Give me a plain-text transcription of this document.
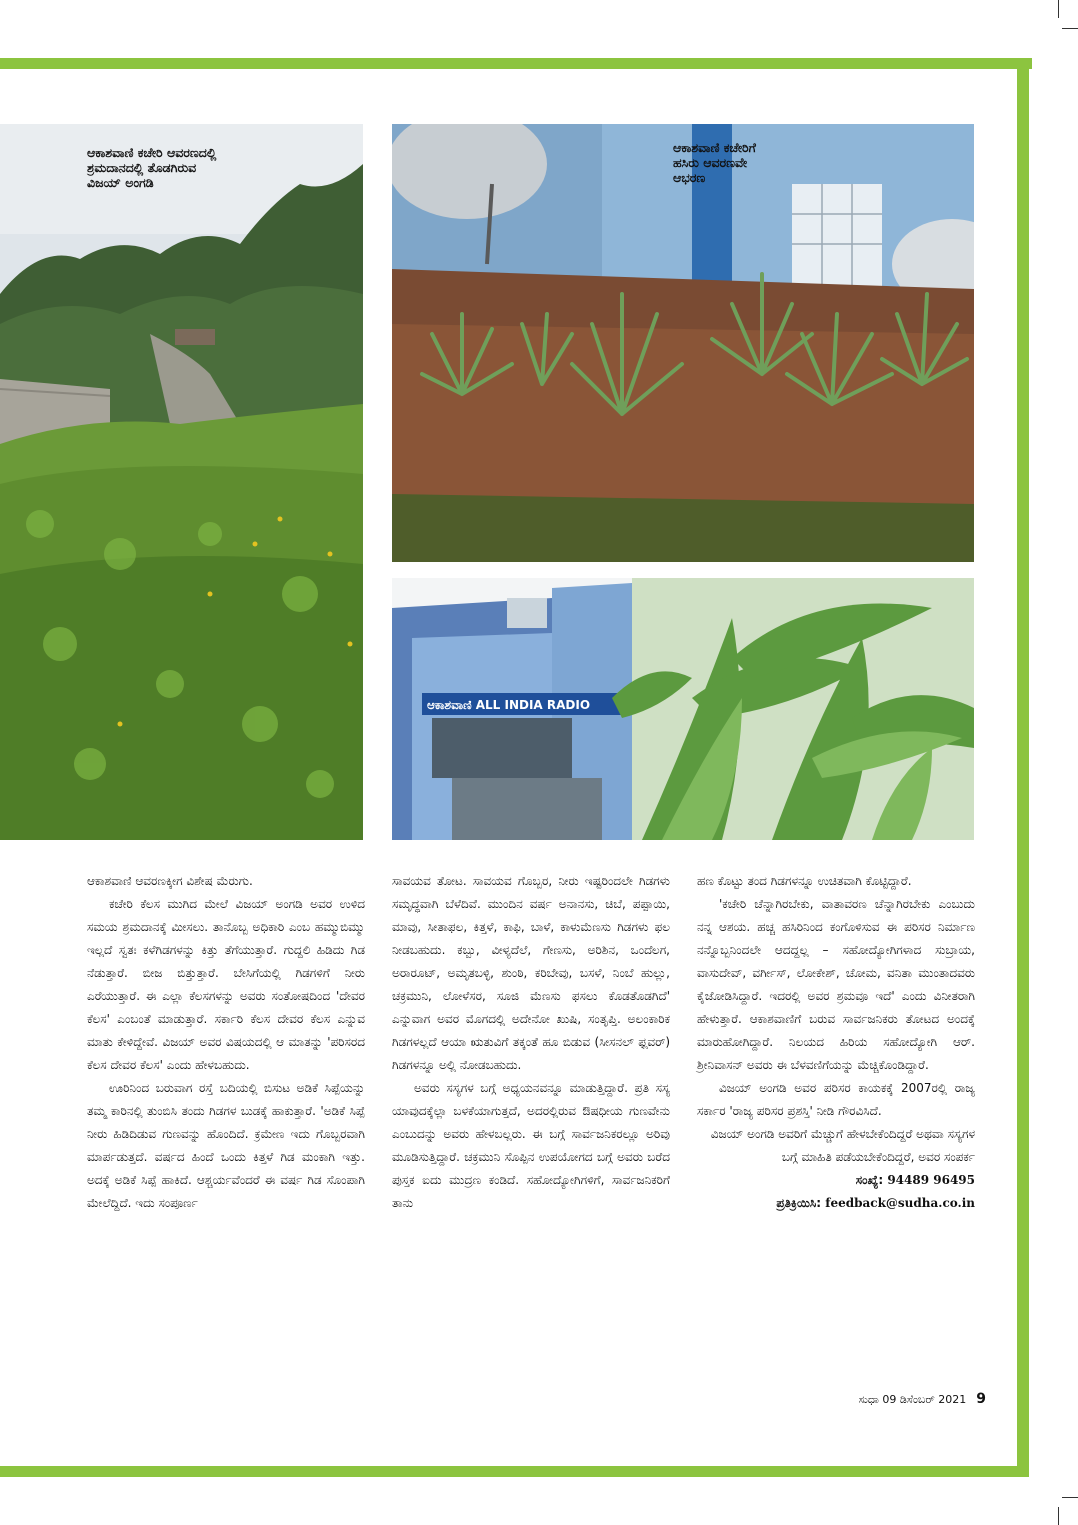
ಆಕಾಶವಾಣಿ ಕಚೇರಿ ಆವರಣದಲ್ಲಿ
ಶ್ರಮದಾನದಲ್ಲಿ ತೊಡಗಿರುವ
ವಿಜಯ್ ಅಂಗಡಿ
ಆಕಾಶವಾಣಿ ಕಚೇರಿಗೆ
ಹಸಿರು ಆವರಣವೇ
ಆಭರಣ
ಆಕಾಶವಾಣಿ ALL INDIA RADIO

ಆಕಾಶವಾಣಿ ಆವರಣಕ್ಕೀಗ ವಿಶೇಷ ಮೆರುಗು.

ಕಚೇರಿ ಕೆಲಸ ಮುಗಿದ ಮೇಲೆ ವಿಜಯ್ ಅಂಗಡಿ ಅವರ ಉಳಿದ ಸಮಯ ಶ್ರಮದಾನಕ್ಕೆ ಮೀಸಲು. ತಾನೊಬ್ಬ ಅಧಿಕಾರಿ ಎಂಬ ಹಮ್ಮುಬಿಮ್ಮು ಇಲ್ಲದೆ ಸ್ವತಃ ಕಳೆಗಿಡಗಳನ್ನು ಕಿತ್ತು ತೆಗೆಯುತ್ತಾರೆ. ಗುದ್ದಲಿ ಹಿಡಿದು ಗಿಡ ನೆಡುತ್ತಾರೆ. ಬೀಜ ಬಿತ್ತುತ್ತಾರೆ. ಬೇಸಿಗೆಯಲ್ಲಿ ಗಿಡಗಳಿಗೆ ನೀರು ಎರೆಯುತ್ತಾರೆ. ಈ ಎಲ್ಲಾ ಕೆಲಸಗಳನ್ನು ಅವರು ಸಂತೋಷದಿಂದ 'ದೇವರ ಕೆಲಸ' ಎಂಬಂತೆ ಮಾಡುತ್ತಾರೆ. ಸರ್ಕಾರಿ ಕೆಲಸ ದೇವರ ಕೆಲಸ ಎನ್ನುವ ಮಾತು ಕೇಳಿದ್ದೇವೆ. ವಿಜಯ್ ಅವರ ವಿಷಯದಲ್ಲಿ ಆ ಮಾತನ್ನು 'ಪರಿಸರದ ಕೆಲಸ ದೇವರ ಕೆಲಸ' ಎಂದು ಹೇಳಬಹುದು.

ಊರಿನಿಂದ ಬರುವಾಗ ರಸ್ತೆ ಬದಿಯಲ್ಲಿ ಬಿಸುಟ ಅಡಿಕೆ ಸಿಪ್ಪೆಯನ್ನು ತಮ್ಮ ಕಾರಿನಲ್ಲಿ ತುಂಬಿಸಿ ತಂದು ಗಿಡಗಳ ಬುಡಕ್ಕೆ ಹಾಕುತ್ತಾರೆ. 'ಅಡಿಕೆ ಸಿಪ್ಪೆ ನೀರು ಹಿಡಿದಿಡುವ ಗುಣವನ್ನು ಹೊಂದಿದೆ. ಕ್ರಮೇಣ ಇದು ಗೊಬ್ಬರವಾಗಿ ಮಾರ್ಪಡುತ್ತದೆ. ವರ್ಷದ ಹಿಂದೆ ಒಂದು ಕಿತ್ತಳೆ ಗಿಡ ಮಂಕಾಗಿ ಇತ್ತು. ಅದಕ್ಕೆ ಅಡಿಕೆ ಸಿಪ್ಪೆ ಹಾಕಿದೆ. ಆಶ್ಚರ್ಯವೆಂದರೆ ಈ ವರ್ಷ ಗಿಡ ಸೊಂಪಾಗಿ ಮೇಲೆದ್ದಿದೆ. ಇದು ಸಂಪೂರ್ಣ

ಸಾವಯವ ತೋಟ. ಸಾವಯವ ಗೊಬ್ಬರ, ನೀರು ಇಷ್ಟರಿಂದಲೇ ಗಿಡಗಳು ಸಮೃದ್ಧವಾಗಿ ಬೆಳೆದಿವೆ. ಮುಂದಿನ ವರ್ಷ ಅನಾನಸು, ಚಿಬೆ, ಪಪ್ಪಾಯಿ, ಮಾವು, ಸೀತಾಫಲ, ಕಿತ್ತಳೆ, ಕಾಫಿ, ಬಾಳೆ, ಕಾಳುಮೆಣಸು ಗಿಡಗಳು ಫಲ ನೀಡಬಹುದು. ಕಬ್ಬು, ವೀಳ್ಯದೆಲೆ, ಗೇಣಸು, ಅರಿಶಿನ, ಒಂದೆಲಗ, ಅರಾರೂಟ್, ಅಮೃತಬಳ್ಳಿ, ಶುಂಠಿ, ಕರಿಬೇವು, ಬಸಳೆ, ನಿಂಬೆ ಹುಲ್ಲು, ಚಕ್ರಮುನಿ, ಲೋಳೆಸರ, ಸೂಜಿ ಮೆಣಸು ಫಸಲು ಕೊಡತೊಡಗಿದೆ' ಎನ್ನುವಾಗ ಅವರ ಮೊಗದಲ್ಲಿ ಅದೇನೋ ಖುಷಿ, ಸಂತೃಪ್ತಿ. ಅಲಂಕಾರಿಕ ಗಿಡಗಳಲ್ಲದೆ ಆಯಾ ಋತುವಿಗೆ ತಕ್ಕಂತೆ ಹೂ ಬಿಡುವ (ಸೀಸನಲ್ ಫ್ಲವರ್) ಗಿಡಗಳನ್ನೂ ಅಲ್ಲಿ ನೋಡಬಹುದು.

ಅವರು ಸಸ್ಯಗಳ ಬಗ್ಗೆ ಅಧ್ಯಯನವನ್ನೂ ಮಾಡುತ್ತಿದ್ದಾರೆ. ಪ್ರತಿ ಸಸ್ಯ ಯಾವುದಕ್ಕೆಲ್ಲಾ ಬಳಕೆಯಾಗುತ್ತದೆ, ಅದರಲ್ಲಿರುವ ಔಷಧೀಯ ಗುಣವೇನು ಎಂಬುದನ್ನು ಅವರು ಹೇಳಬಲ್ಲರು. ಈ ಬಗ್ಗೆ ಸಾರ್ವಜನಿಕರಲ್ಲೂ ಅರಿವು ಮೂಡಿಸುತ್ತಿದ್ದಾರೆ. ಚಕ್ರಮುನಿ ಸೊಪ್ಪಿನ ಉಪಯೋಗದ ಬಗ್ಗೆ ಅವರು ಬರೆದ ಪುಸ್ತಕ ಐದು ಮುದ್ರಣ ಕಂಡಿದೆ. ಸಹೋದ್ಯೋಗಿಗಳಿಗೆ, ಸಾರ್ವಜನಿಕರಿಗೆ ತಾನು

ಹಣ ಕೊಟ್ಟು ತಂದ ಗಿಡಗಳನ್ನೂ ಉಚಿತವಾಗಿ ಕೊಟ್ಟಿದ್ದಾರೆ.

'ಕಚೇರಿ ಚೆನ್ನಾಗಿರಬೇಕು, ವಾತಾವರಣ ಚೆನ್ನಾಗಿರಬೇಕು ಎಂಬುದು ನನ್ನ ಆಶಯ. ಹಚ್ಚ ಹಸಿರಿನಿಂದ ಕಂಗೊಳಿಸುವ ಈ ಪರಿಸರ ನಿರ್ಮಾಣ ನನ್ನೊಬ್ಬನಿಂದಲೇ ಆದದ್ದಲ್ಲ – ಸಹೋದ್ಯೋಗಿಗಳಾದ ಸುಬ್ರಾಯ, ವಾಸುದೇವ್, ವರ್ಗೀಸ್, ಲೋಕೇಶ್, ಚೋಮ, ವನಿತಾ ಮುಂತಾದವರು ಕೈಜೋಡಿಸಿದ್ದಾರೆ. ಇದರಲ್ಲಿ ಅವರ ಶ್ರಮವೂ ಇದೆ' ಎಂದು ವಿನೀತರಾಗಿ ಹೇಳುತ್ತಾರೆ. ಆಕಾಶವಾಣಿಗೆ ಬರುವ ಸಾರ್ವಜನಿಕರು ತೋಟದ ಅಂದಕ್ಕೆ ಮಾರುಹೋಗಿದ್ದಾರೆ. ನಿಲಯದ ಹಿರಿಯ ಸಹೋದ್ಯೋಗಿ ಆರ್. ಶ್ರೀನಿವಾಸನ್ ಅವರು ಈ ಬೆಳವಣಿಗೆಯನ್ನು ಮೆಚ್ಚಿಕೊಂಡಿದ್ದಾರೆ.

ವಿಜಯ್ ಅಂಗಡಿ ಅವರ ಪರಿಸರ ಕಾಯಕಕ್ಕೆ 2007ರಲ್ಲಿ ರಾಜ್ಯ ಸರ್ಕಾರ 'ರಾಜ್ಯ ಪರಿಸರ ಪ್ರಶಸ್ತಿ' ನೀಡಿ ಗೌರವಿಸಿದೆ.

ವಿಜಯ್ ಅಂಗಡಿ ಅವರಿಗೆ ಮೆಚ್ಚುಗೆ ಹೇಳಬೇಕೆಂದಿದ್ದರೆ ಅಥವಾ ಸಸ್ಯಗಳ ಬಗ್ಗೆ ಮಾಹಿತಿ ಪಡೆಯಬೇಕೆಂದಿದ್ದರೆ, ಅವರ ಸಂಪರ್ಕ

ಸಂಖ್ಯೆ: 94489 96495

ಪ್ರತಿಕ್ರಿಯಿಸಿ: feedback@sudha.co.in

ಸುಧಾ 09 ಡಿಸೆಂಬರ್ 2021 9
